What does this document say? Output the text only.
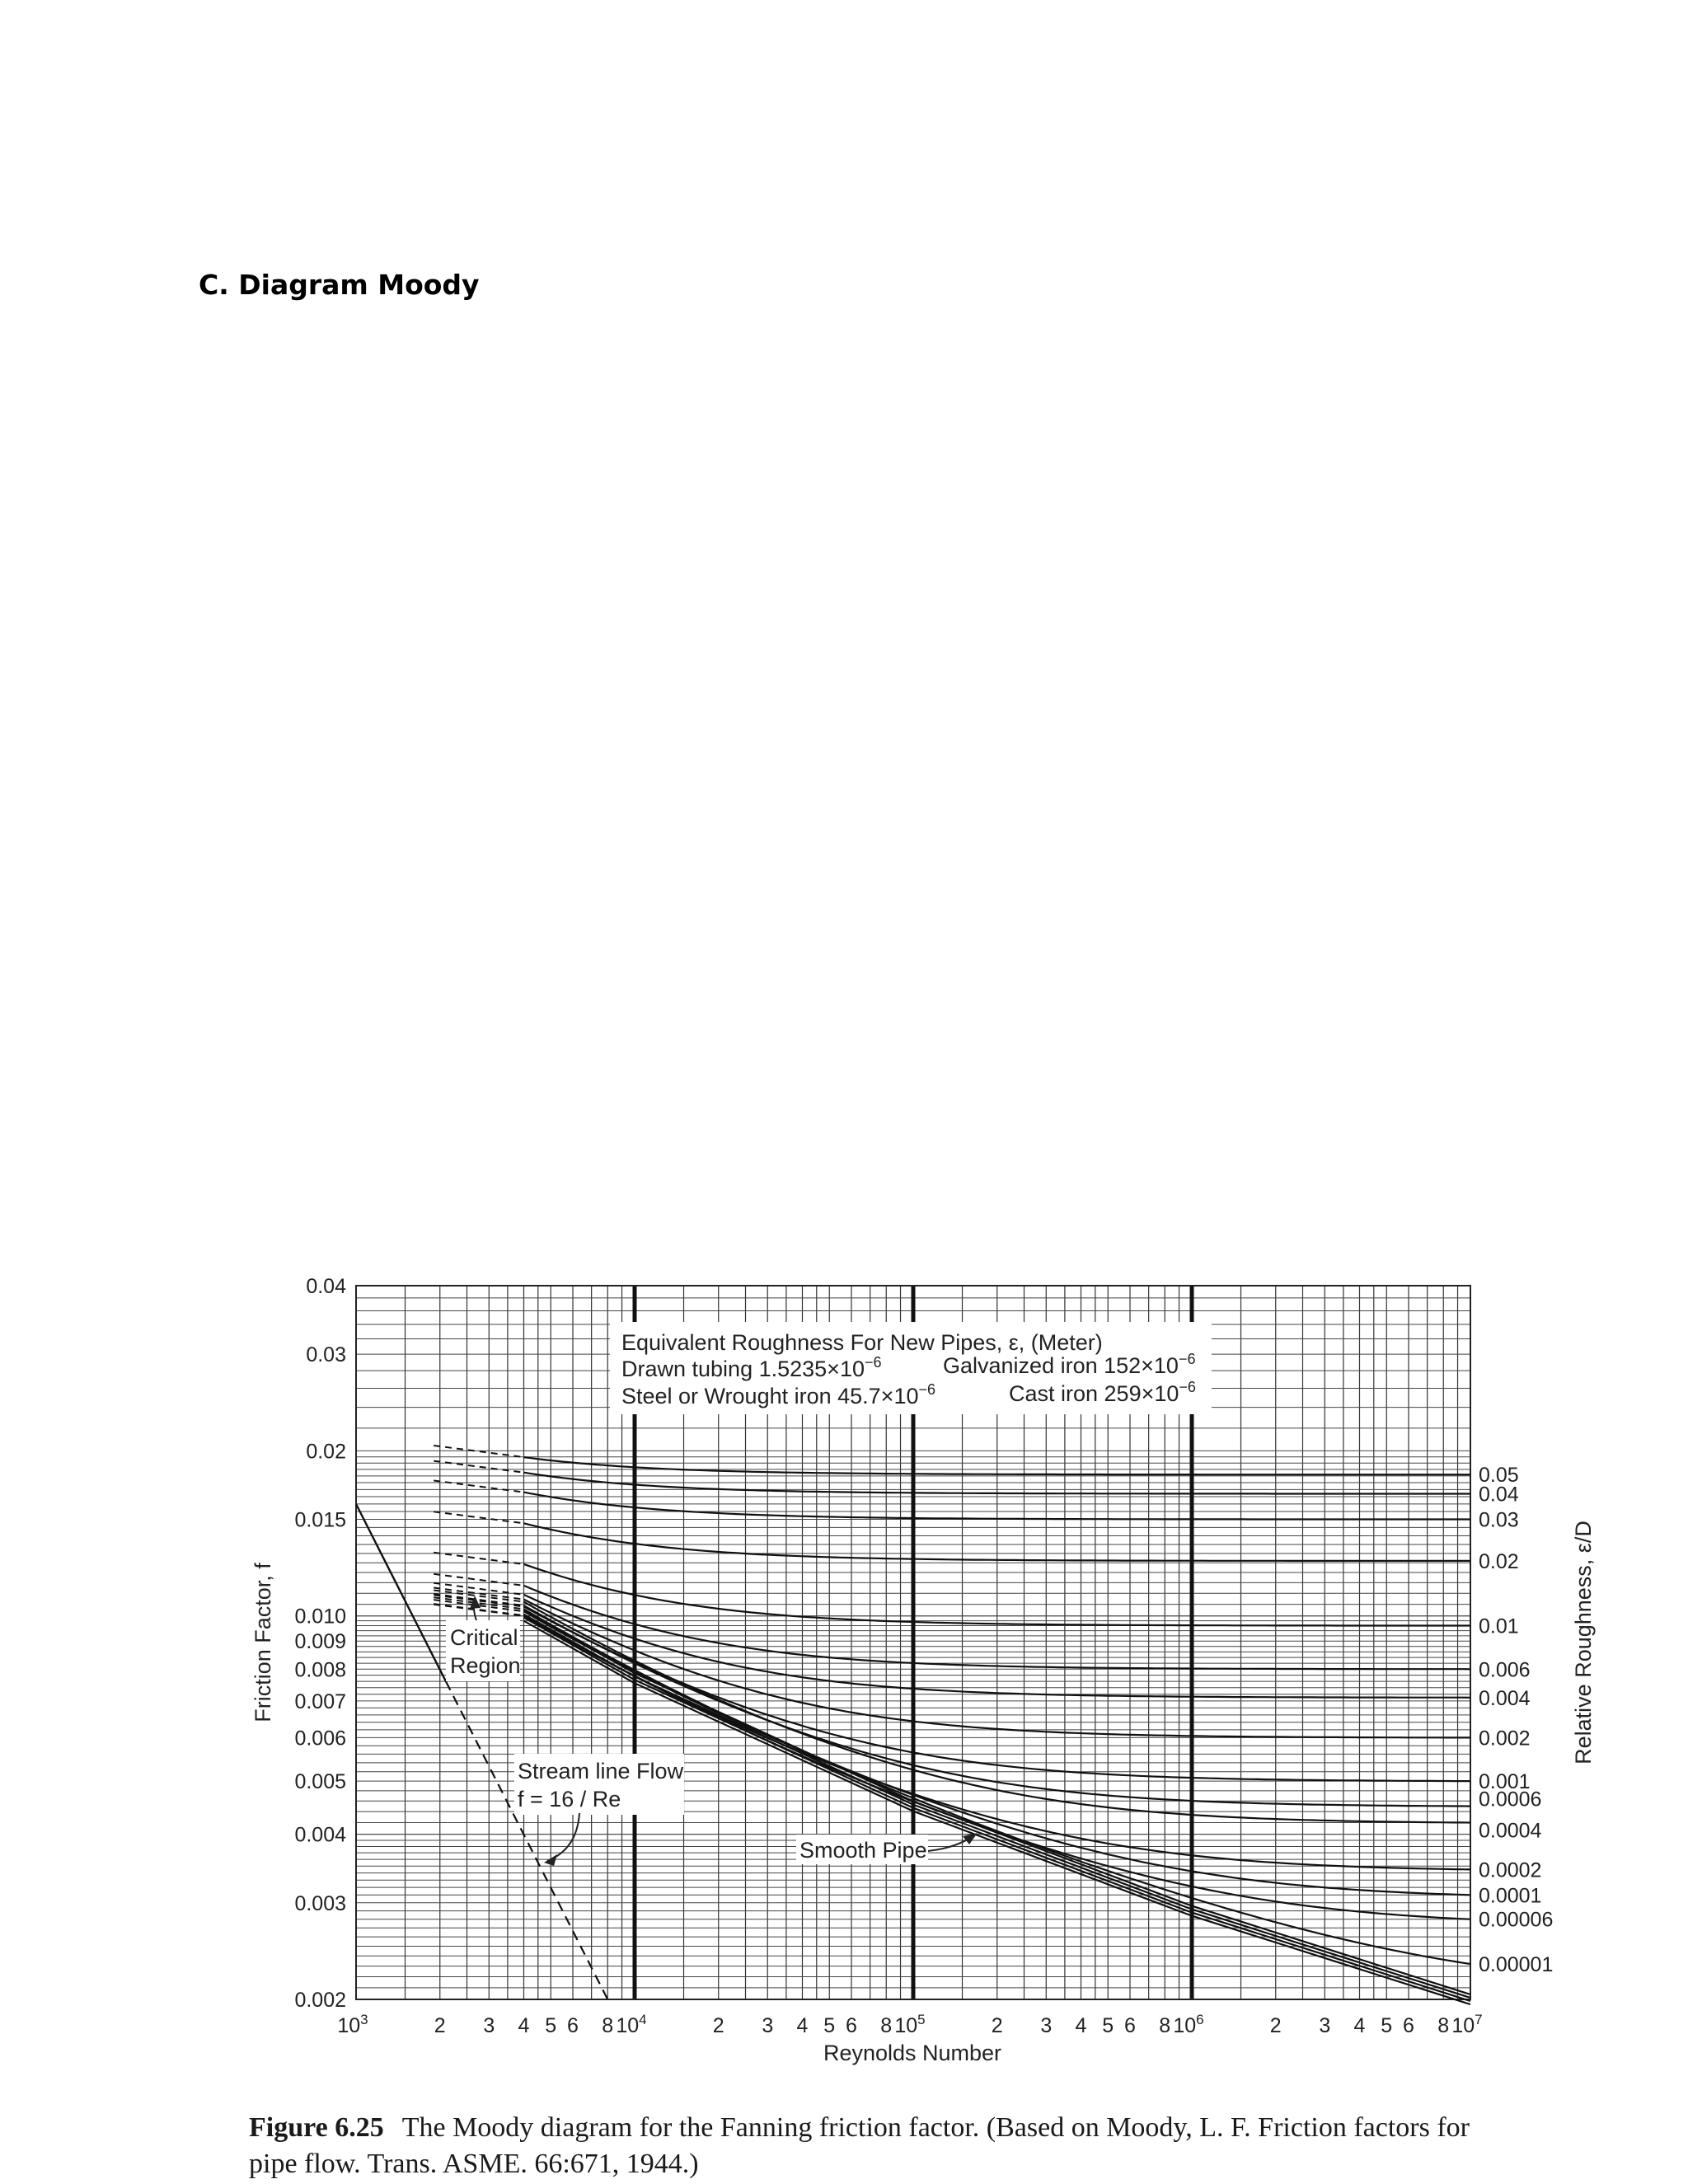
C. Diagram Moody
Equivalent Roughness For New Pipes, ε, (Meter)
Drawn tubing $1.5235\times 10^{-6}$	Galvanized iron $152\times 10^{-6}$
Steel or Wrought iron $45.7\times 10^{-6}$	Cast iron $259\times 10^{-6}$
Critical
Region
Stream line Flow
f = 16 / Re
Smooth Pipe
$10^3$	2 3 4 5 6 8 $10^4$	2 3 4 5 6 8 $10^5$	2 3 4 5 6 8 $10^6$	2 3 4 5 6 8 $10^7$
0.04
0.03
0.02
0.015
0.010
0.009
0.008
0.007
0.006
0.005
0.004
0.003
0.002
0.05
0.04
0.03
0.02
0.01
0.006
0.004
0.002
0.001
0.0006
0.0004
0.0002
0.0001
0.00006
0.00001
Reynolds Number
Friction Factor, f	Relative Roughness, ε/D
Figure 6.25 The Moody diagram for the Fanning friction factor. (Based on Moody, L. F. Friction factors for
pipe flow. Trans. ASME. 66:671, 1944.)
